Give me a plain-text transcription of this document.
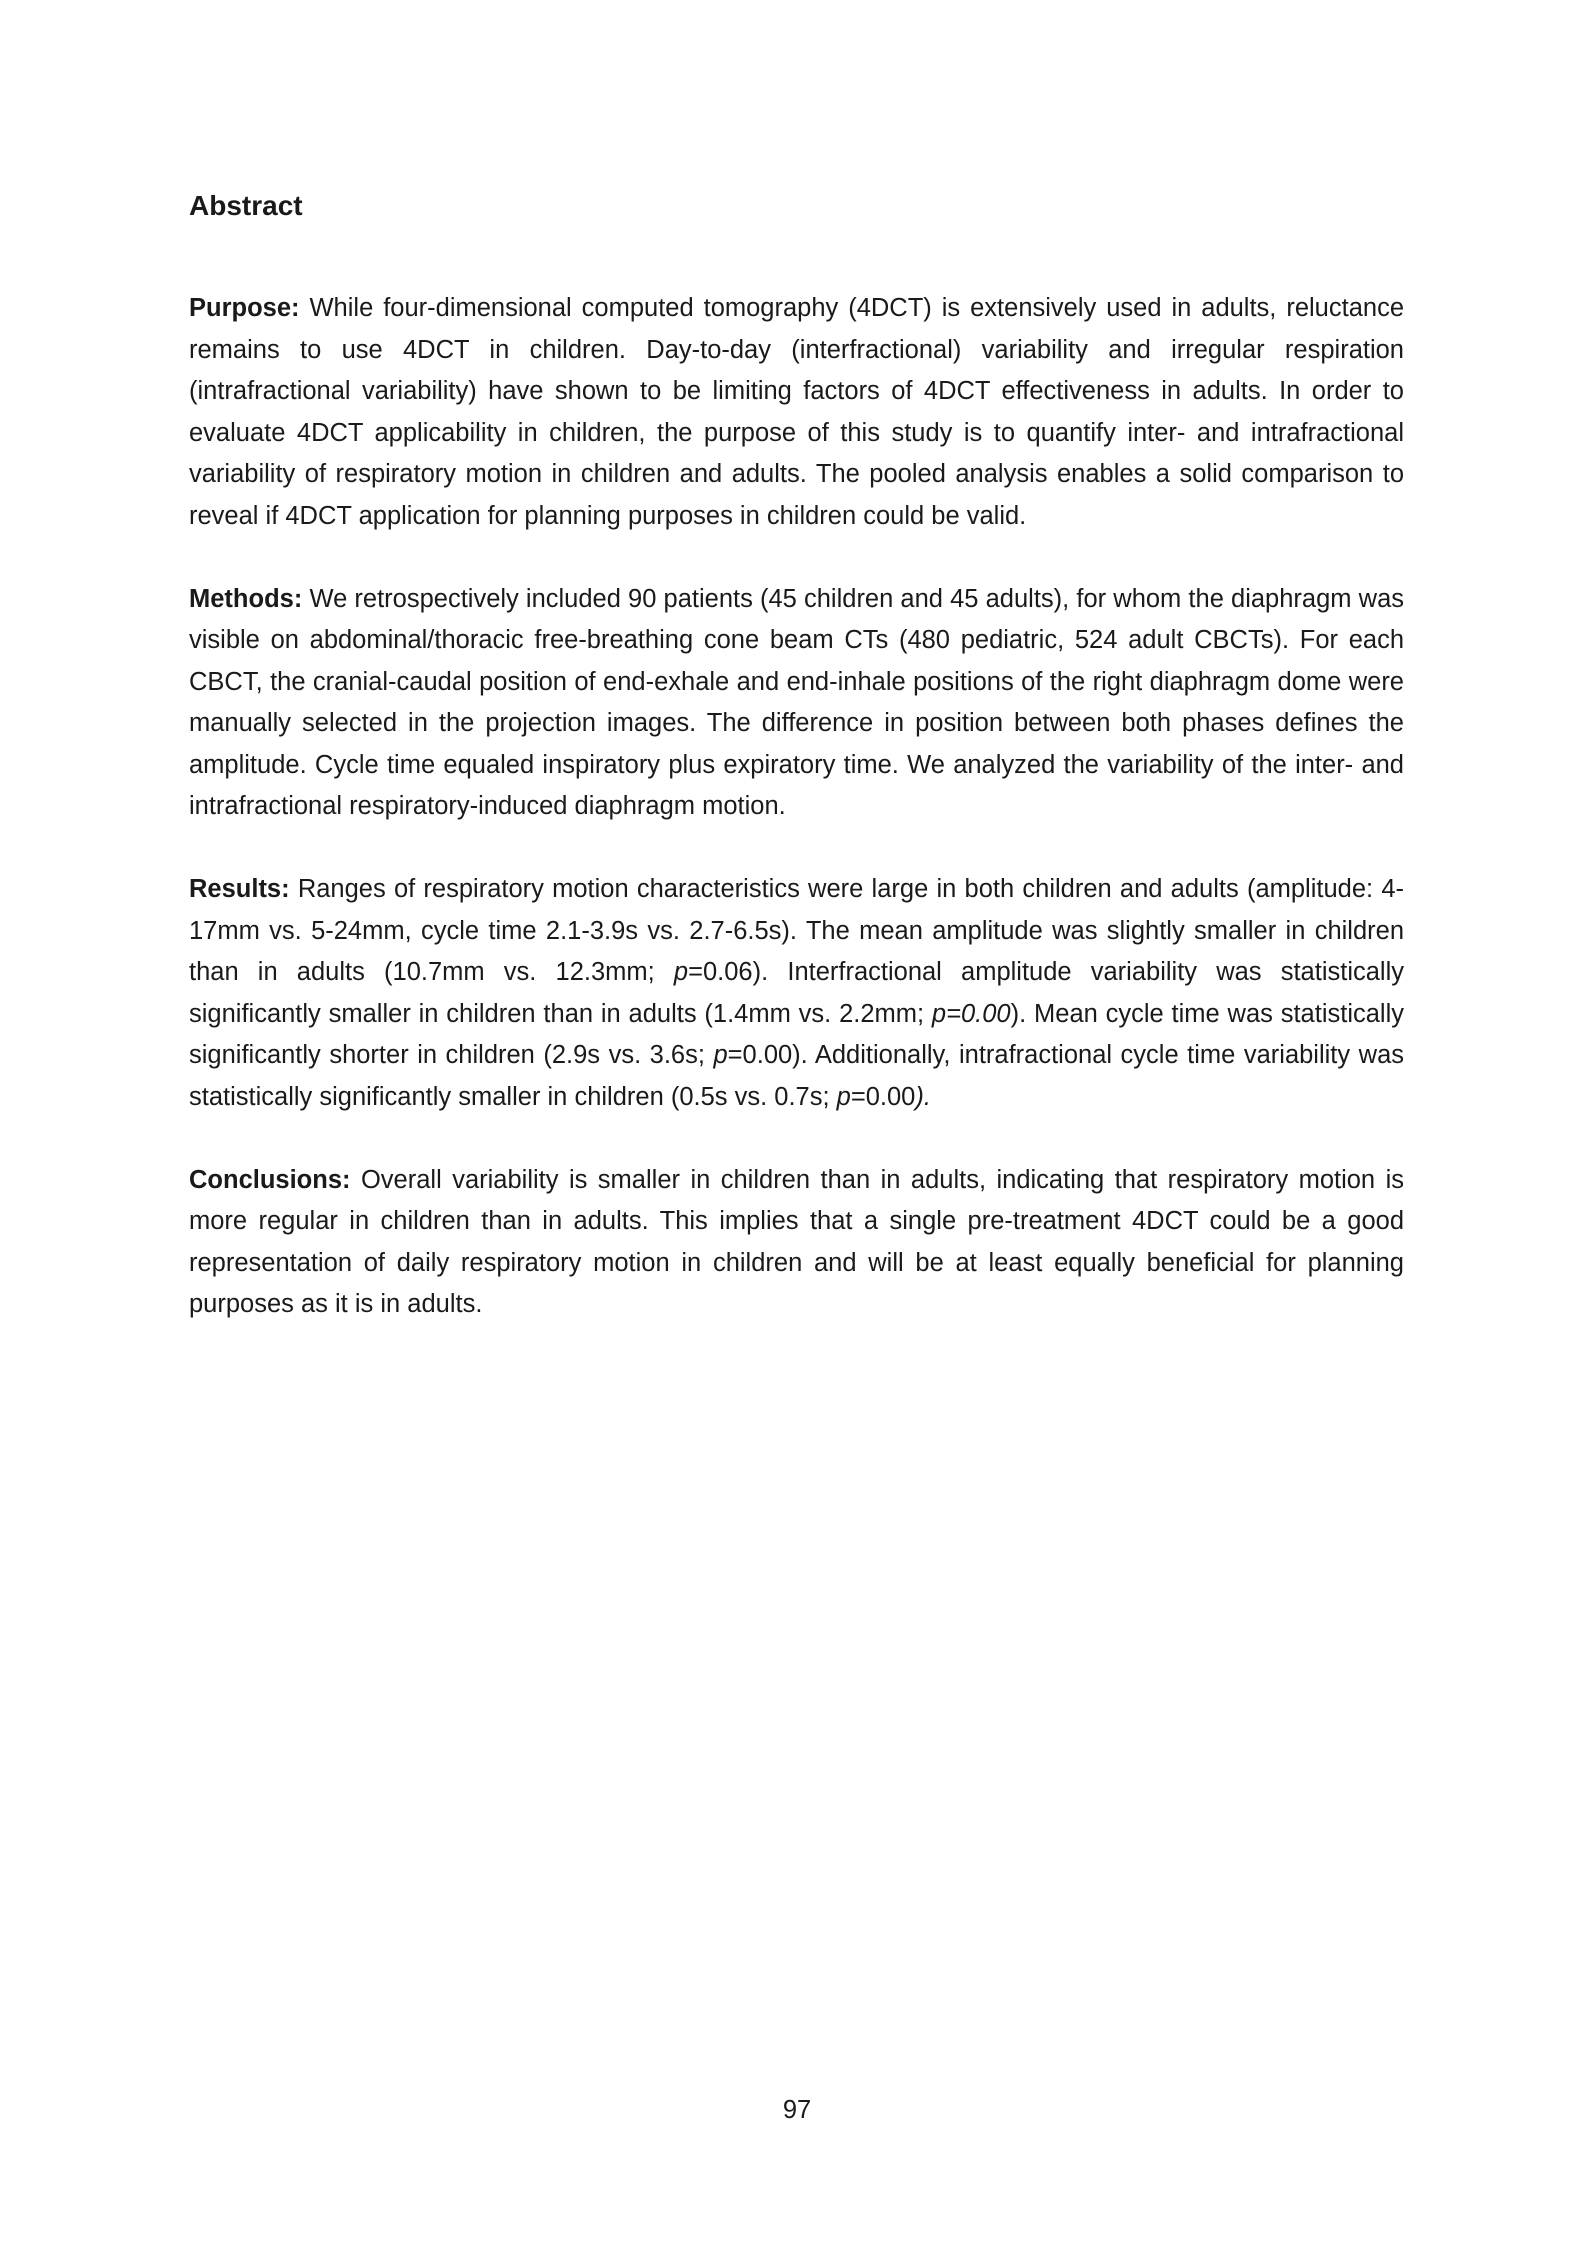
Abstract

Purpose: While four-dimensional computed tomography (4DCT) is extensively used in adults, reluctance remains to use 4DCT in children. Day-to-day (interfractional) variability and irregular respiration (intrafractional variability) have shown to be limiting factors of 4DCT effectiveness in adults. In order to evaluate 4DCT applicability in children, the purpose of this study is to quantify inter- and intrafractional variability of respiratory motion in children and adults. The pooled analysis enables a solid comparison to reveal if 4DCT application for planning purposes in children could be valid.

Methods: We retrospectively included 90 patients (45 children and 45 adults), for whom the diaphragm was visible on abdominal/thoracic free-breathing cone beam CTs (480 pediatric, 524 adult CBCTs). For each CBCT, the cranial-caudal position of end-exhale and end-inhale positions of the right diaphragm dome were manually selected in the projection images. The difference in position between both phases defines the amplitude. Cycle time equaled inspiratory plus expiratory time. We analyzed the variability of the inter- and intrafractional respiratory-induced diaphragm motion.

Results: Ranges of respiratory motion characteristics were large in both children and adults (amplitude: 4-17mm vs. 5-24mm, cycle time 2.1-3.9s vs. 2.7-6.5s). The mean amplitude was slightly smaller in children than in adults (10.7mm vs. 12.3mm; p=0.06). Interfractional amplitude variability was statistically significantly smaller in children than in adults (1.4mm vs. 2.2mm; p=0.00). Mean cycle time was statistically significantly shorter in children (2.9s vs. 3.6s; p=0.00). Additionally, intrafractional cycle time variability was statistically significantly smaller in children (0.5s vs. 0.7s; p=0.00).

Conclusions: Overall variability is smaller in children than in adults, indicating that respiratory motion is more regular in children than in adults. This implies that a single pre-treatment 4DCT could be a good representation of daily respiratory motion in children and will be at least equally beneficial for planning purposes as it is in adults.

97
